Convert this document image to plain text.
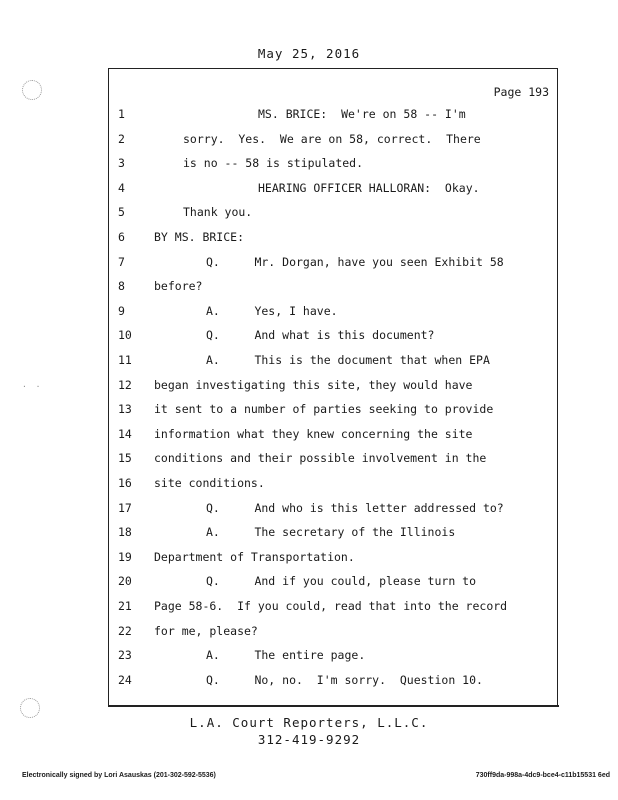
May 25, 2016
Page 193
1	MS. BRICE:  We're on 58 -- I'm
2	sorry.  Yes.  We are on 58, correct.  There
3	is no -- 58 is stipulated.
4	HEARING OFFICER HALLORAN:  Okay.
5	Thank you.
6	BY MS. BRICE:
7	Q.     Mr. Dorgan, have you seen Exhibit 58
8	before?
9	A.     Yes, I have.
10	Q.     And what is this document?
11	A.     This is the document that when EPA
12	began investigating this site, they would have
13	it sent to a number of parties seeking to provide
14	information what they knew concerning the site
15	conditions and their possible involvement in the
16	site conditions.
17	Q.     And who is this letter addressed to?
18	A.     The secretary of the Illinois
19	Department of Transportation.
20	Q.     And if you could, please turn to
21	Page 58-6.  If you could, read that into the record
22	for me, please?
23	A.     The entire page.
24	Q.     No, no.  I'm sorry.  Question 10.
L.A. Court Reporters, L.L.C.
312-419-9292
Electronically signed by Lori Asauskas (201-302-592-5536)	730ff9da-998a-4dc9-bce4-c11b15531 6ed
· ·
